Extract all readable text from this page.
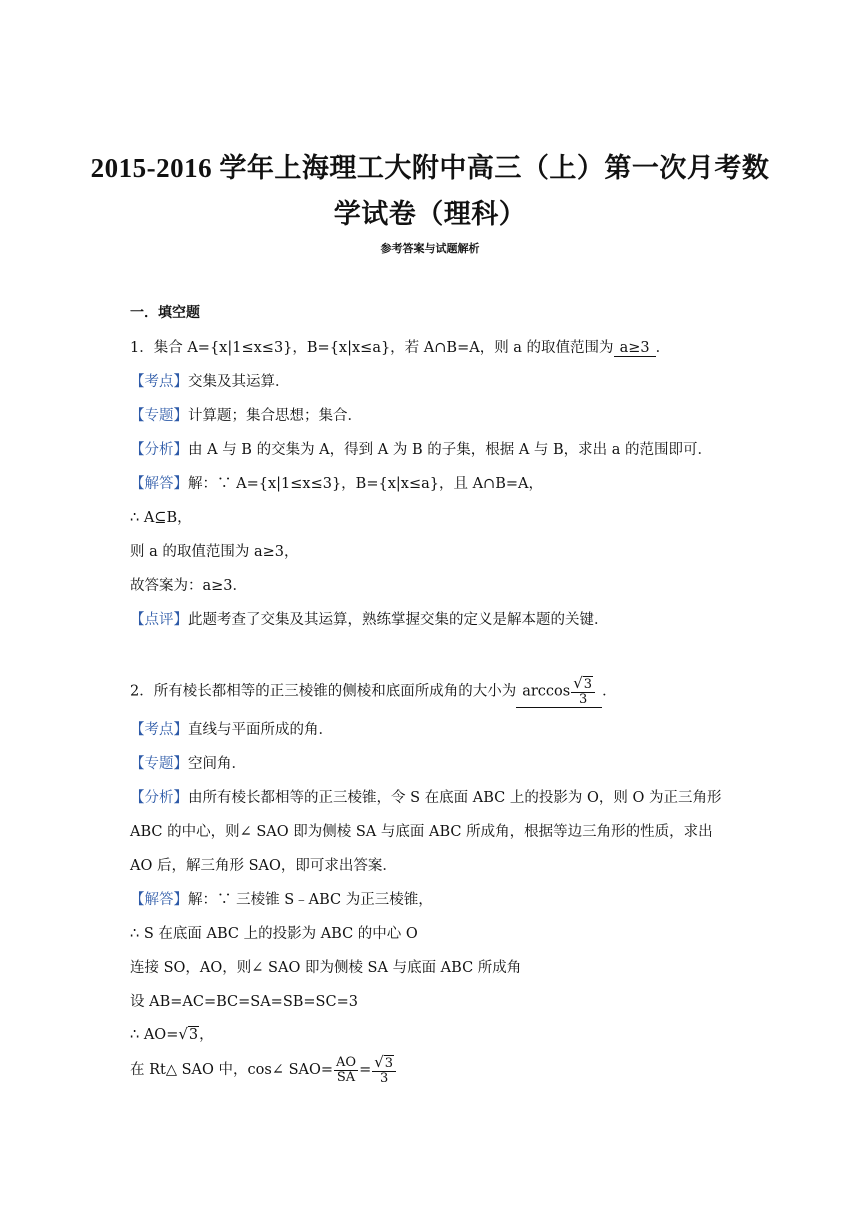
2015-2016 学年上海理工大附中高三（上）第一次月考数
学试卷（理科）
参考答案与试题解析
一．填空题
1．集合 A={x|1≤x≤3}，B={x|x≤a}，若 A∩B=A，则 a 的取值范围为 a≥3 ．
【考点】交集及其运算．
【专题】计算题；集合思想；集合．
【分析】由 A 与 B 的交集为 A，得到 A 为 B 的子集，根据 A 与 B，求出 a 的范围即可．
【解答】解：∵ A={x|1≤x≤3}，B={x|x≤a}，且 A∩B=A，
∴ A⊆B，
则 a 的取值范围为 a≥3，
故答案为：a≥3．
【点评】此题考查了交集及其运算，熟练掌握交集的定义是解本题的关键．
2．所有棱长都相等的正三棱锥的侧棱和底面所成角的大小为 $\arccos \frac{√3}{3}$ ．
【考点】直线与平面所成的角．
【专题】空间角．
【分析】由所有棱长都相等的正三棱锥，令 S 在底面 ABC 上的投影为 O，则 O 为正三角形
ABC 的中心，则∠ SAO 即为侧棱 SA 与底面 ABC 所成角，根据等边三角形的性质，求出
AO 后，解三角形 SAO，即可求出答案．
【解答】解：∵ 三棱锥 S﹣ABC 为正三棱锥，
∴ S 在底面 ABC 上的投影为 ABC 的中心 O
连接 SO，AO，则∠ SAO 即为侧棱 SA 与底面 ABC 所成角
设 AB=AC=BC=SA=SB=SC=3
∴ AO=√3，
在 Rt△ SAO 中，cos∠ $SAO= \frac{AO}{SA} = \frac{√3}{3}$
